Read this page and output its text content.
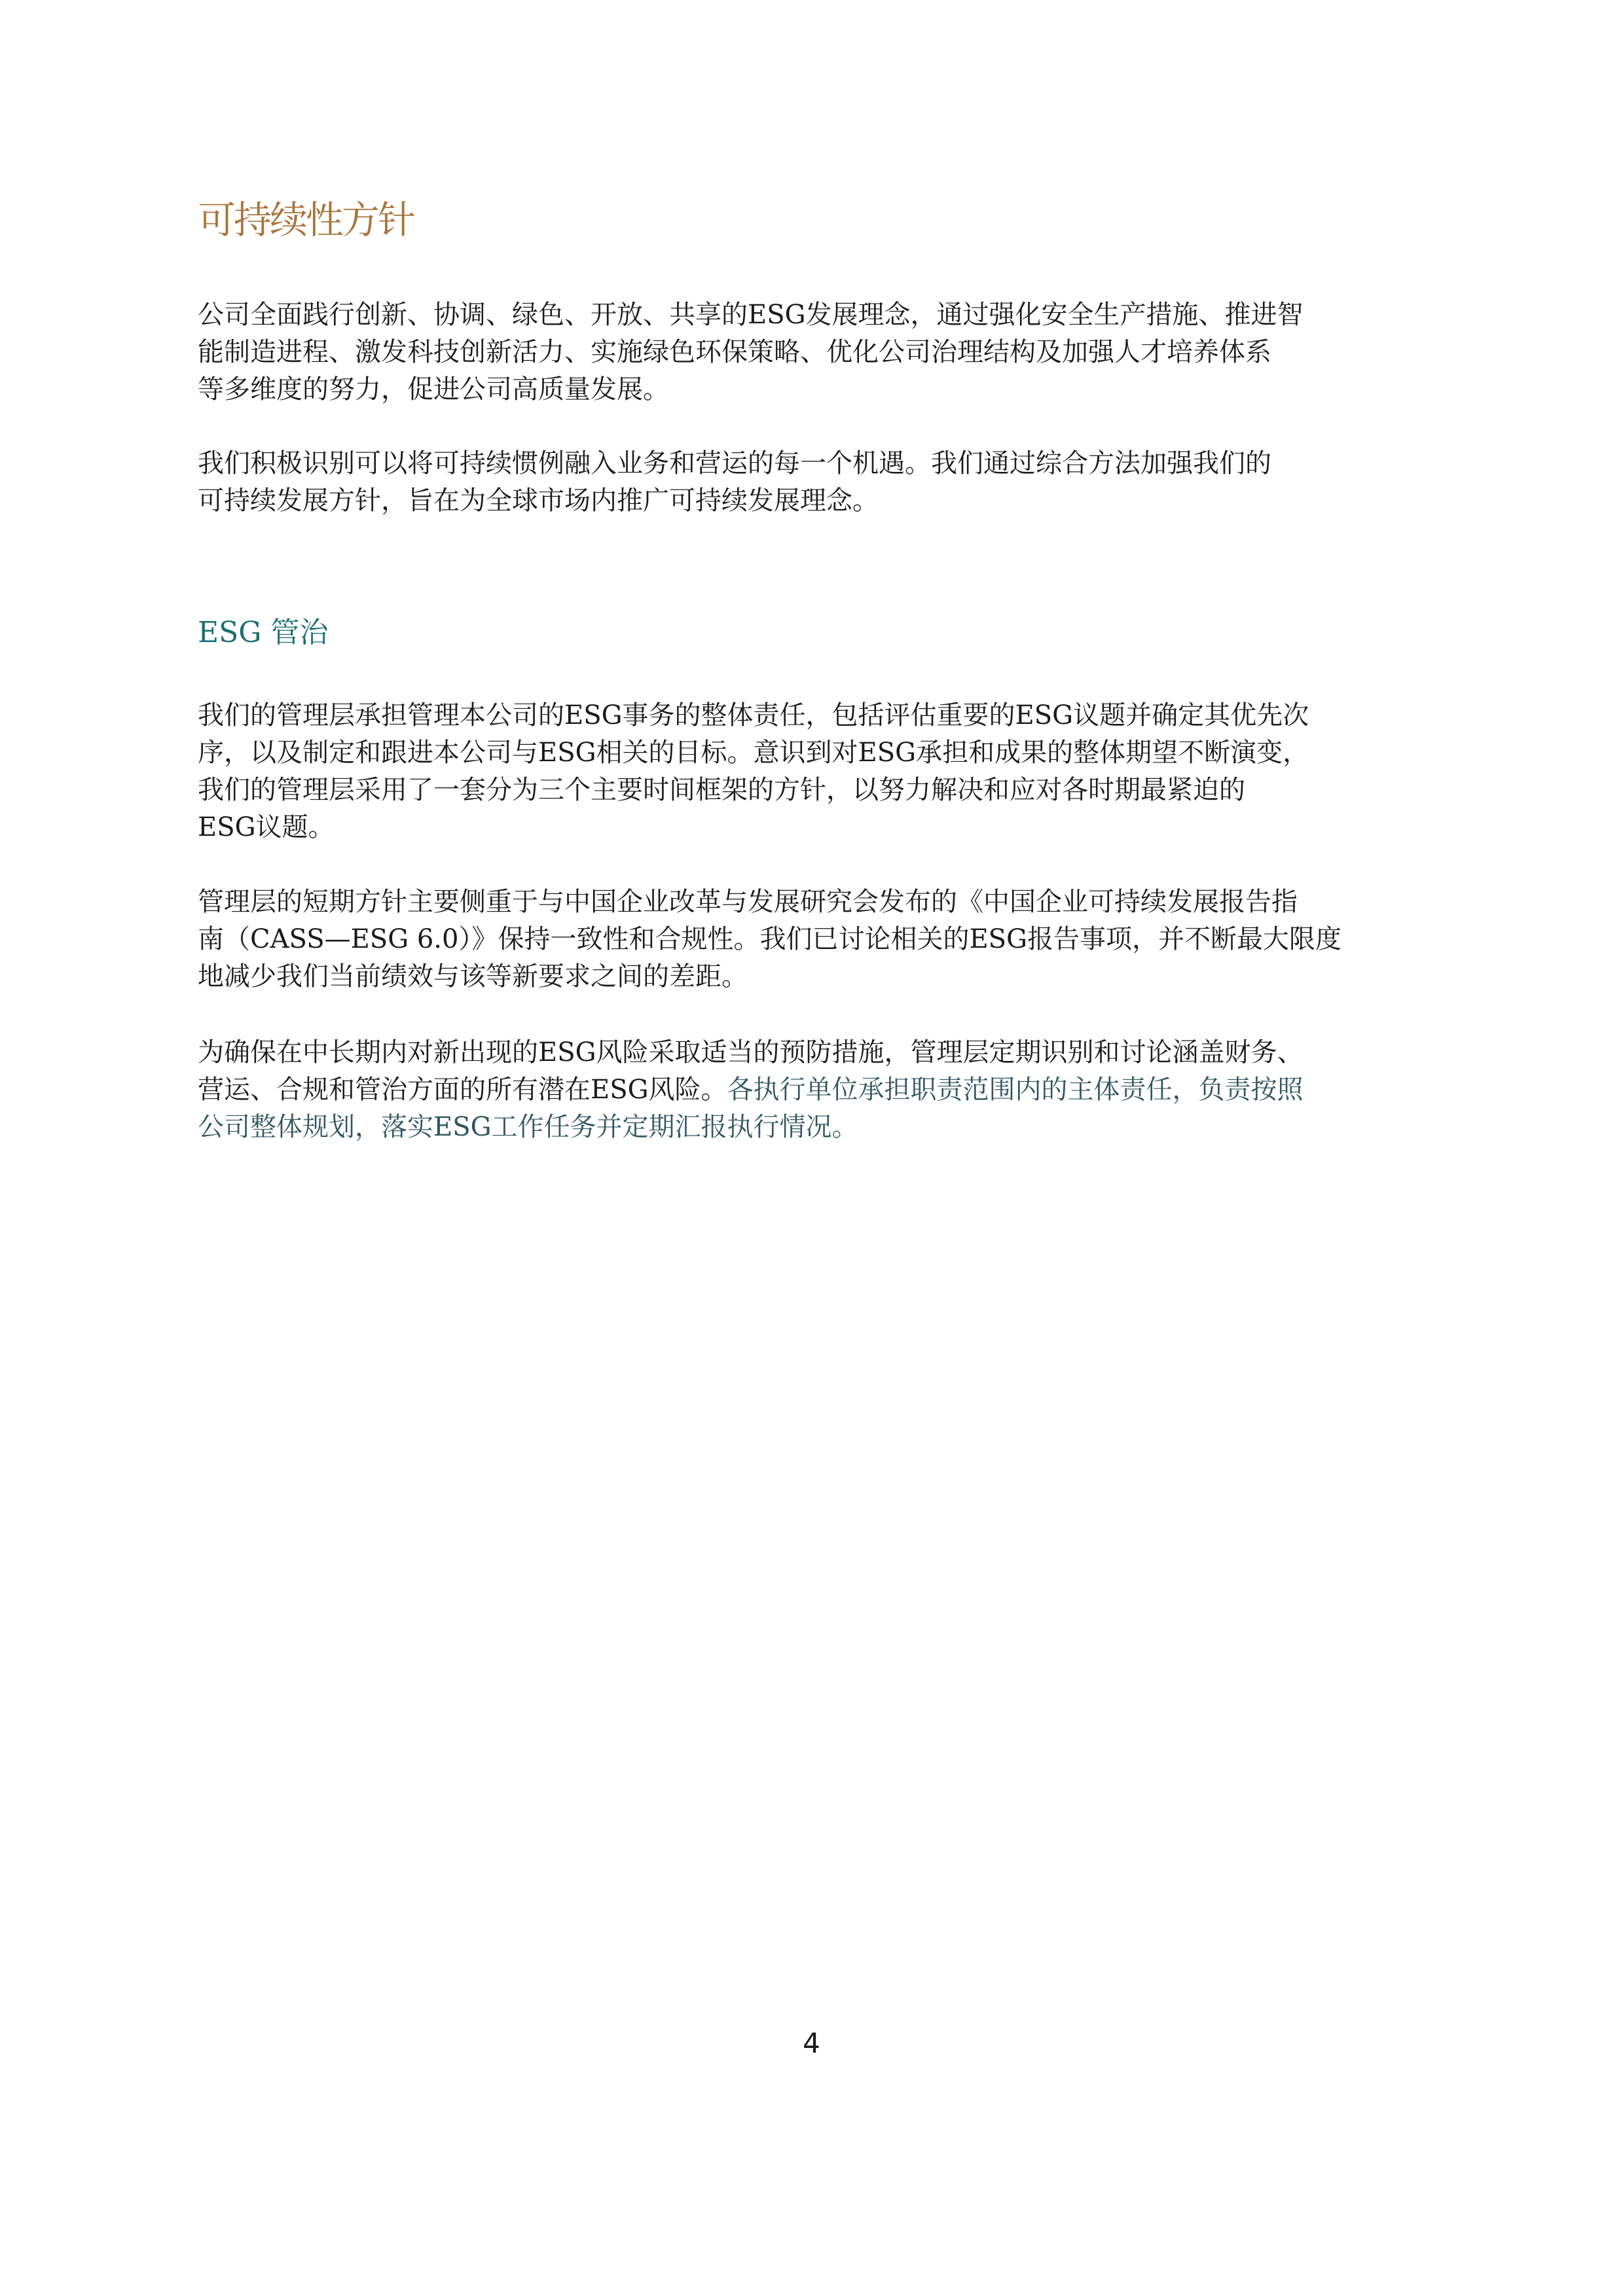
可持续性方针

公司全面践行创新、协调、绿色、开放、共享的ESG发展理念，通过强化安全生产措施、推进智
能制造进程、激发科技创新活力、实施绿色环保策略、优化公司治理结构及加强人才培养体系
等多维度的努力，促进公司高质量发展。

我们积极识别可以将可持续惯例融入业务和营运的每一个机遇。我们通过综合方法加强我们的
可持续发展方针，旨在为全球市场内推广可持续发展理念。

ESG 管治

我们的管理层承担管理本公司的ESG事务的整体责任，包括评估重要的ESG议题并确定其优先次
序，以及制定和跟进本公司与ESG相关的目标。意识到对ESG承担和成果的整体期望不断演变，
我们的管理层采用了一套分为三个主要时间框架的方针，以努力解决和应对各时期最紧迫的
ESG议题。

管理层的短期方针主要侧重于与中国企业改革与发展研究会发布的《中国企业可持续发展报告指
南（CASS—ESG 6.0）》保持一致性和合规性。我们已讨论相关的ESG报告事项，并不断最大限度
地减少我们当前绩效与该等新要求之间的差距。

为确保在中长期内对新出现的ESG风险采取适当的预防措施，管理层定期识别和讨论涵盖财务、
营运、合规和管治方面的所有潜在ESG风险。各执行单位承担职责范围内的主体责任，负责按照
公司整体规划，落实ESG工作任务并定期汇报执行情况。

4
